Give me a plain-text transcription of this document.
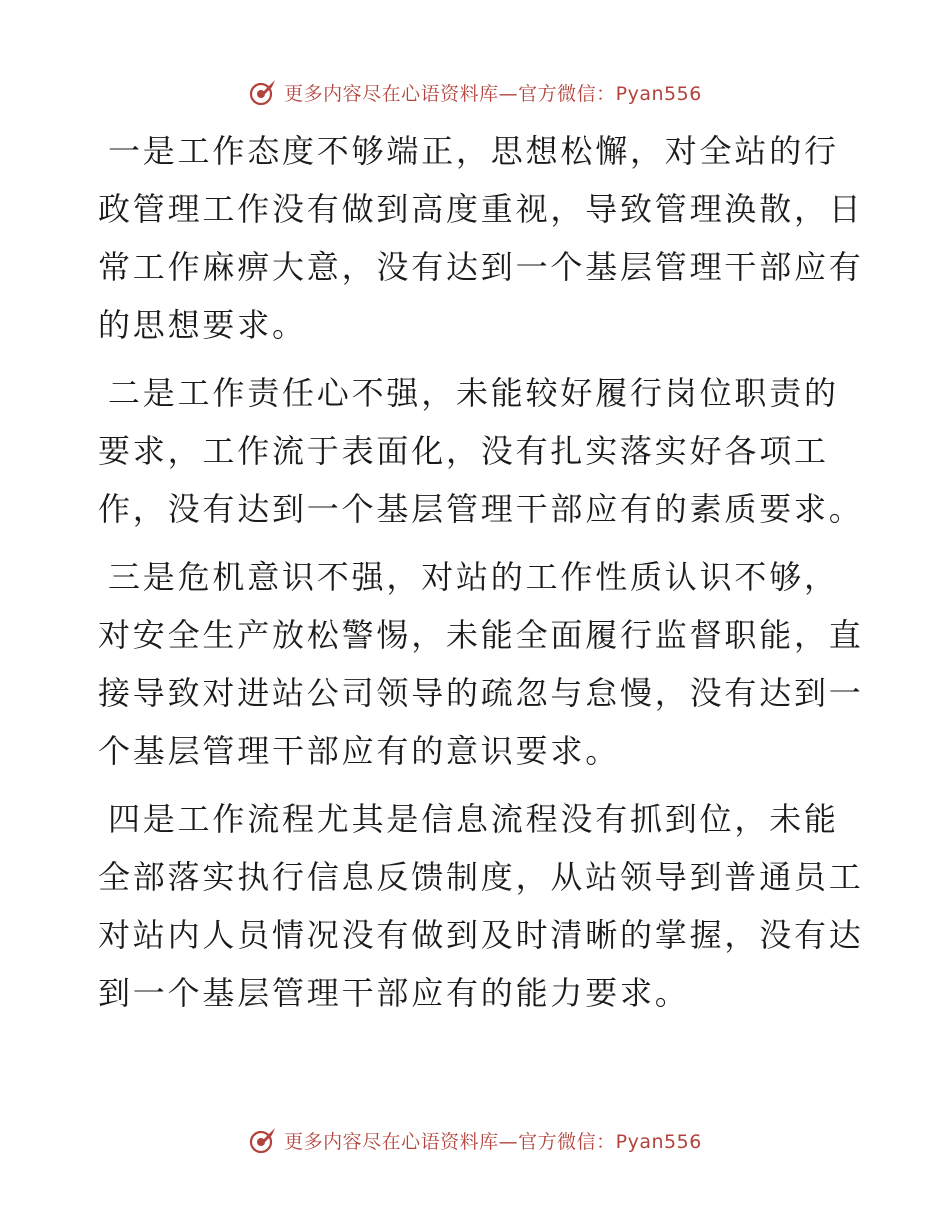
更多内容尽在心语资料库—官方微信：Pyan556
一是工作态度不够端正，思想松懈，对全站的行
政管理工作没有做到高度重视，导致管理涣散，日
常工作麻痹大意，没有达到一个基层管理干部应有
的思想要求。
二是工作责任心不强，未能较好履行岗位职责的
要求，工作流于表面化，没有扎实落实好各项工
作，没有达到一个基层管理干部应有的素质要求。
三是危机意识不强，对站的工作性质认识不够，
对安全生产放松警惕，未能全面履行监督职能，直
接导致对进站公司领导的疏忽与怠慢，没有达到一
个基层管理干部应有的意识要求。
四是工作流程尤其是信息流程没有抓到位，未能
全部落实执行信息反馈制度，从站领导到普通员工
对站内人员情况没有做到及时清晰的掌握，没有达
到一个基层管理干部应有的能力要求。
更多内容尽在心语资料库—官方微信：Pyan556
